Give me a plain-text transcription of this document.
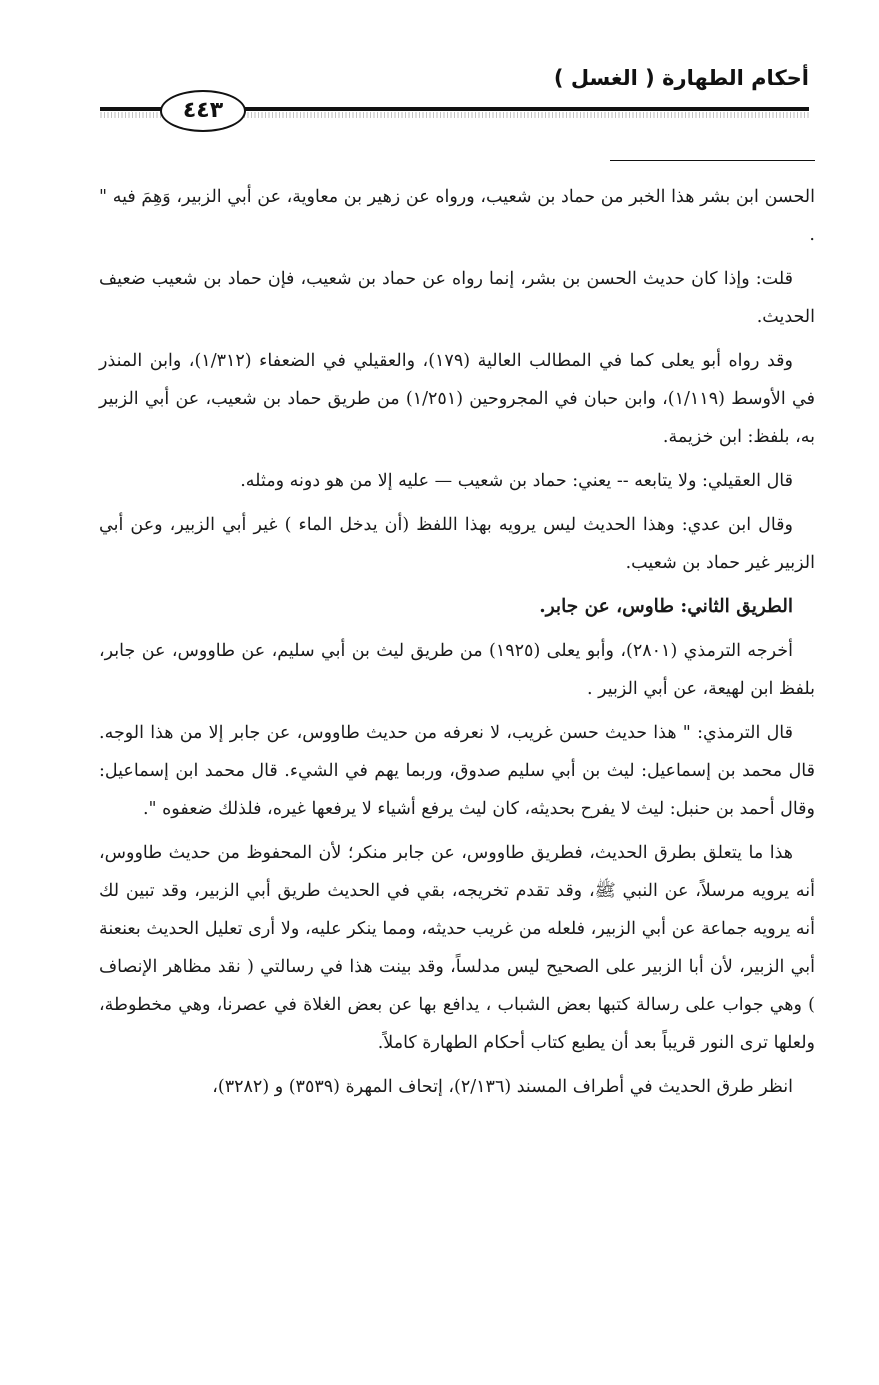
أحكام الطهارة ( الغسل )
٤٤٣

الحسن ابن بشر هذا الخبر من حماد بن شعيب، ورواه عن زهير بن معاوية، عن أبي الزبير، وَهِمَ فيه " .

قلت: وإذا كان حديث الحسن بن بشر، إنما رواه عن حماد بن شعيب، فإن حماد بن شعيب ضعيف الحديث.

وقد رواه أبو يعلى كما في المطالب العالية (١٧٩)، والعقيلي في الضعفاء (١/٣١٢)، وابن المنذر في الأوسط (١/١١٩)، وابن حبان في المجروحين (١/٢٥١) من طريق حماد بن شعيب، عن أبي الزبير به، بلفظ: ابن خزيمة.

قال العقيلي: ولا يتابعه -- يعني: حماد بن شعيب — عليه إلا من هو دونه ومثله.

وقال ابن عدي: وهذا الحديث ليس يرويه بهذا اللفظ (أن يدخل الماء ) غير أبي الزبير، وعن أبي الزبير غير حماد بن شعيب.

الطريق الثاني: طاوس، عن جابر.

أخرجه الترمذي (٢٨٠١)، وأبو يعلى (١٩٢٥) من طريق ليث بن أبي سليم، عن طاووس، عن جابر، بلفظ ابن لهيعة، عن أبي الزبير .

قال الترمذي: " هذا حديث حسن غريب، لا نعرفه من حديث طاووس، عن جابر إلا من هذا الوجه. قال محمد بن إسماعيل: ليث بن أبي سليم صدوق، وربما يهم في الشيء. قال محمد ابن إسماعيل: وقال أحمد بن حنبل: ليث لا يفرح بحديثه، كان ليث يرفع أشياء لا يرفعها غيره، فلذلك ضعفوه ".

هذا ما يتعلق بطرق الحديث، فطريق طاووس، عن جابر منكر؛ لأن المحفوظ من حديث طاووس، أنه يرويه مرسلاً، عن النبي ﷺ، وقد تقدم تخريجه، بقي في الحديث طريق أبي الزبير، وقد تبين لك أنه يرويه جماعة عن أبي الزبير، فلعله من غريب حديثه، ومما ينكر عليه، ولا أرى تعليل الحديث بعنعنة أبي الزبير، لأن أبا الزبير على الصحيح ليس مدلساً، وقد بينت هذا في رسالتي ( نقد مظاهر الإنصاف ) وهي جواب على رسالة كتبها بعض الشباب ، يدافع بها عن بعض الغلاة في عصرنا، وهي مخطوطة، ولعلها ترى النور قريباً بعد أن يطبع كتاب أحكام الطهارة كاملاً.

انظر طرق الحديث في أطراف المسند (٢/١٣٦)، إتحاف المهرة (٣٥٣٩) و (٣٢٨٢)،
